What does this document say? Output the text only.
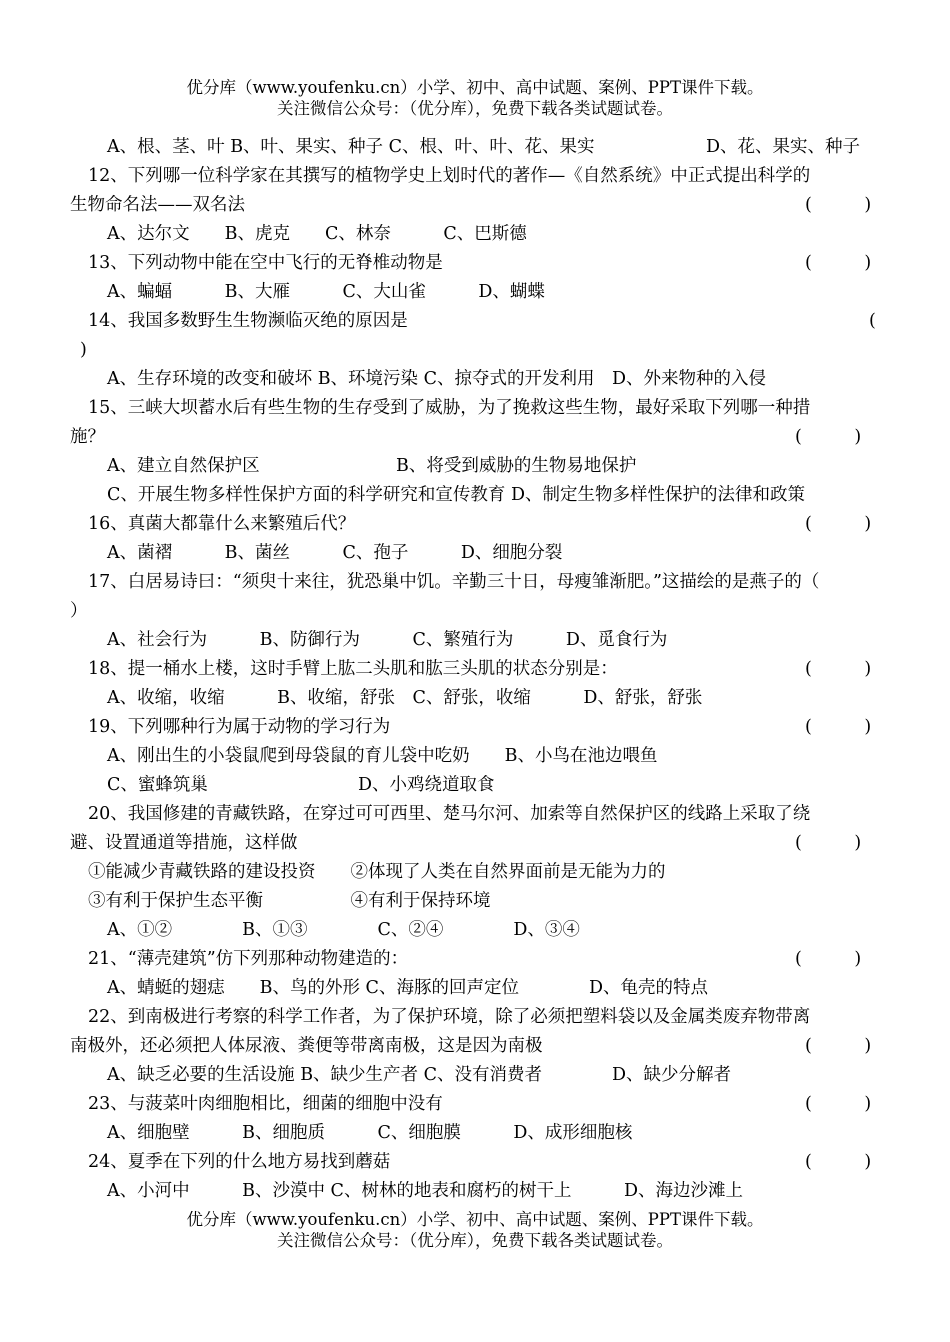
优分库（www.youfenku.cn）小学、初中、高中试题、案例、PPT课件下载。
关注微信公众号：（优分库），免费下载各类试题试卷。
A、根、茎、叶 B、叶、果实、种子 C、根、叶、叶、花、果实	D、花、果实、种子
12、下列哪一位科学家在其撰写的植物学史上划时代的著作—《自然系统》中正式提出科学的
生物命名法——双名法	(　　　)
A、达尔文　　B、虎克　　C、林奈　　　C、巴斯德
13、下列动物中能在空中飞行的无脊椎动物是	(　　　)
A、蝙蝠　　　B、大雁　　　C、大山雀　　　D、蝴蝶
14、我国多数野生生物濒临灭绝的原因是	(
)
A、生存环境的改变和破坏 B、环境污染 C、掠夺式的开发利用　D、外来物种的入侵
15、三峡大坝蓄水后有些生物的生存受到了威胁，为了挽救这些生物，最好采取下列哪一种措
施？	(　　　)
A、建立自然保护区	B、将受到威胁的生物易地保护
C、开展生物多样性保护方面的科学研究和宣传教育 D、制定生物多样性保护的法律和政策
16、真菌大都靠什么来繁殖后代？	(　　　)
A、菌褶　　　B、菌丝　　　C、孢子　　　D、细胞分裂
17、白居易诗曰：“须臾十来往，犹恐巢中饥。辛勤三十日，母瘦雏渐肥。”这描绘的是燕子的（
）
A、社会行为　　　B、防御行为　　　C、繁殖行为　　　D、觅食行为
18、提一桶水上楼，这时手臂上肱二头肌和肱三头肌的状态分别是：	(　　　)
A、收缩，收缩　　　B、收缩，舒张　C、舒张，收缩　　　D、舒张，舒张
19、下列哪种行为属于动物的学习行为	(　　　)
A、刚出生的小袋鼠爬到母袋鼠的育儿袋中吃奶　　B、小鸟在池边喂鱼
C、蜜蜂筑巢	D、小鸡绕道取食
20、我国修建的青藏铁路，在穿过可可西里、楚马尔河、加索等自然保护区的线路上采取了绕
避、设置通道等措施，这样做	(　　　)
①能减少青藏铁路的建设投资　　②体现了人类在自然界面前是无能为力的
③有利于保护生态平衡　　　　　④有利于保持环境
A、①②　　　　B、①③　　　　C、②④　　　　D、③④
21、“薄壳建筑”仿下列那种动物建造的：	(　　　)
A、蜻蜓的翅痣　　B、鸟的外形 C、海豚的回声定位　　　　D、龟壳的特点
22、到南极进行考察的科学工作者，为了保护环境，除了必须把塑料袋以及金属类废弃物带离
南极外，还必须把人体尿液、粪便等带离南极，这是因为南极	(　　　)
A、缺乏必要的生活设施 B、缺少生产者 C、没有消费者　　　　D、缺少分解者
23、与菠菜叶肉细胞相比，细菌的细胞中没有	(　　　)
A、细胞壁　　　B、细胞质　　　C、细胞膜　　　D、成形细胞核
24、夏季在下列的什么地方易找到蘑菇	(　　　)
A、小河中　　　B、沙漠中 C、树林的地表和腐朽的树干上　　　D、海边沙滩上
优分库（www.youfenku.cn）小学、初中、高中试题、案例、PPT课件下载。
关注微信公众号：（优分库），免费下载各类试题试卷。
